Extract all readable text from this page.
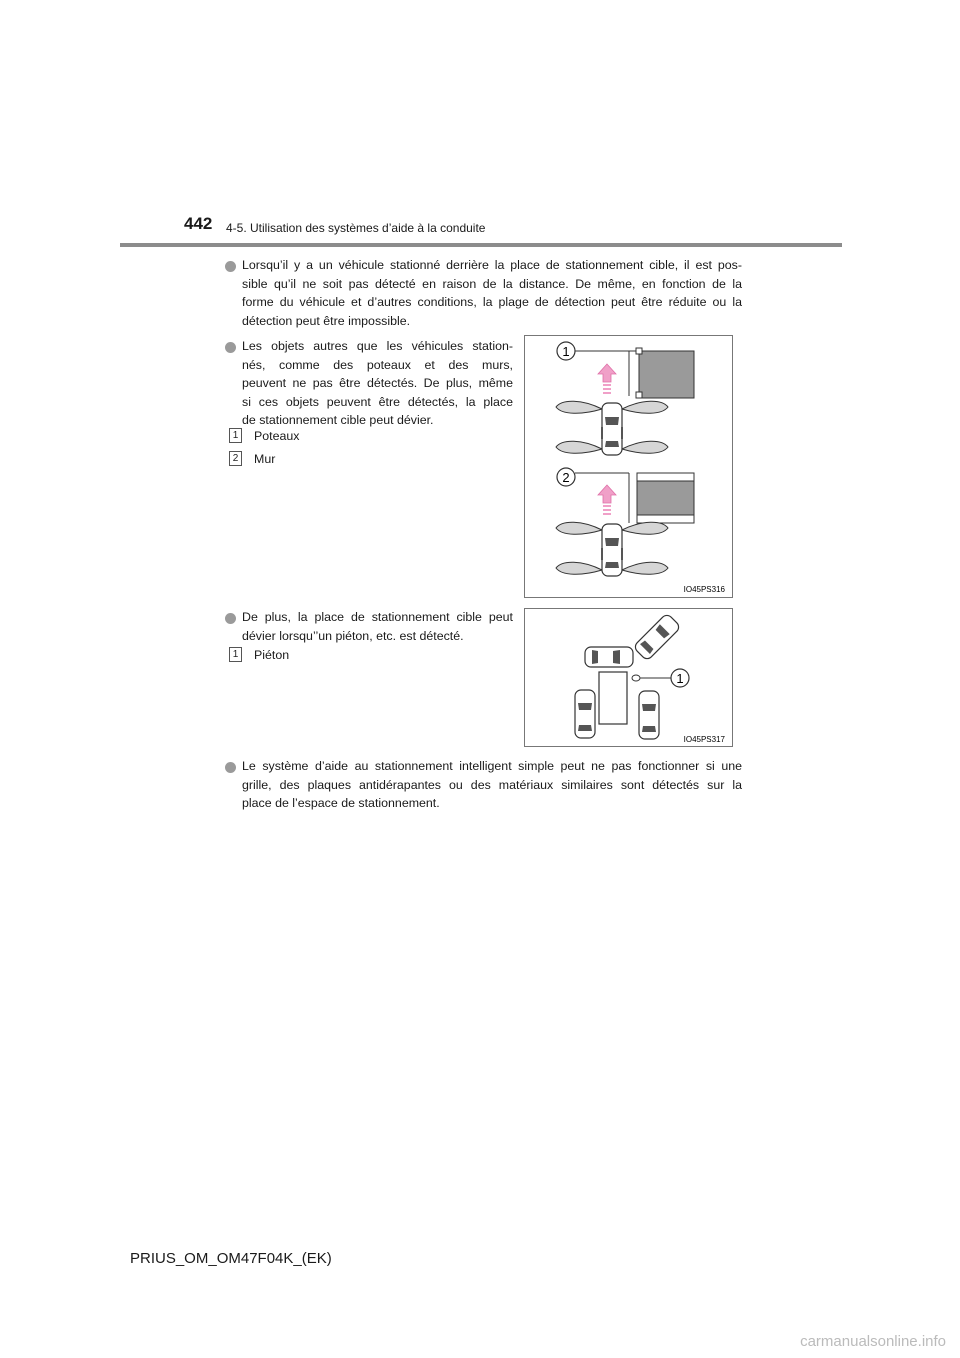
442 4-5. Utilisation des systèmes d’aide à la conduite
Lorsqu’il y a un véhicule stationné derrière la place de stationnement cible, il est pos-
sible qu’il ne soit pas détecté en raison de la distance. De même, en fonction de la
forme du véhicule et d’autres conditions, la plage de détection peut être réduite ou la
détection peut être impossible.
Les objets autres que les véhicules station-
nés, comme des poteaux et des murs,
peuvent ne pas être détectés. De plus, même
si ces objets peuvent être détectés, la place
de stationnement cible peut dévier.
1 Poteaux
2 Mur
1
2
IO45PS316
De plus, la place de stationnement cible peut
dévier lorsqu’’un piéton, etc. est détecté.
1 Piéton
1
IO45PS317
Le système d’aide au stationnement intelligent simple peut ne pas fonctionner si une
grille, des plaques antidérapantes ou des matériaux similaires sont détectés sur la
place de l’espace de stationnement.
PRIUS_OM_OM47F04K_(EK)
carmanualsonline.info
